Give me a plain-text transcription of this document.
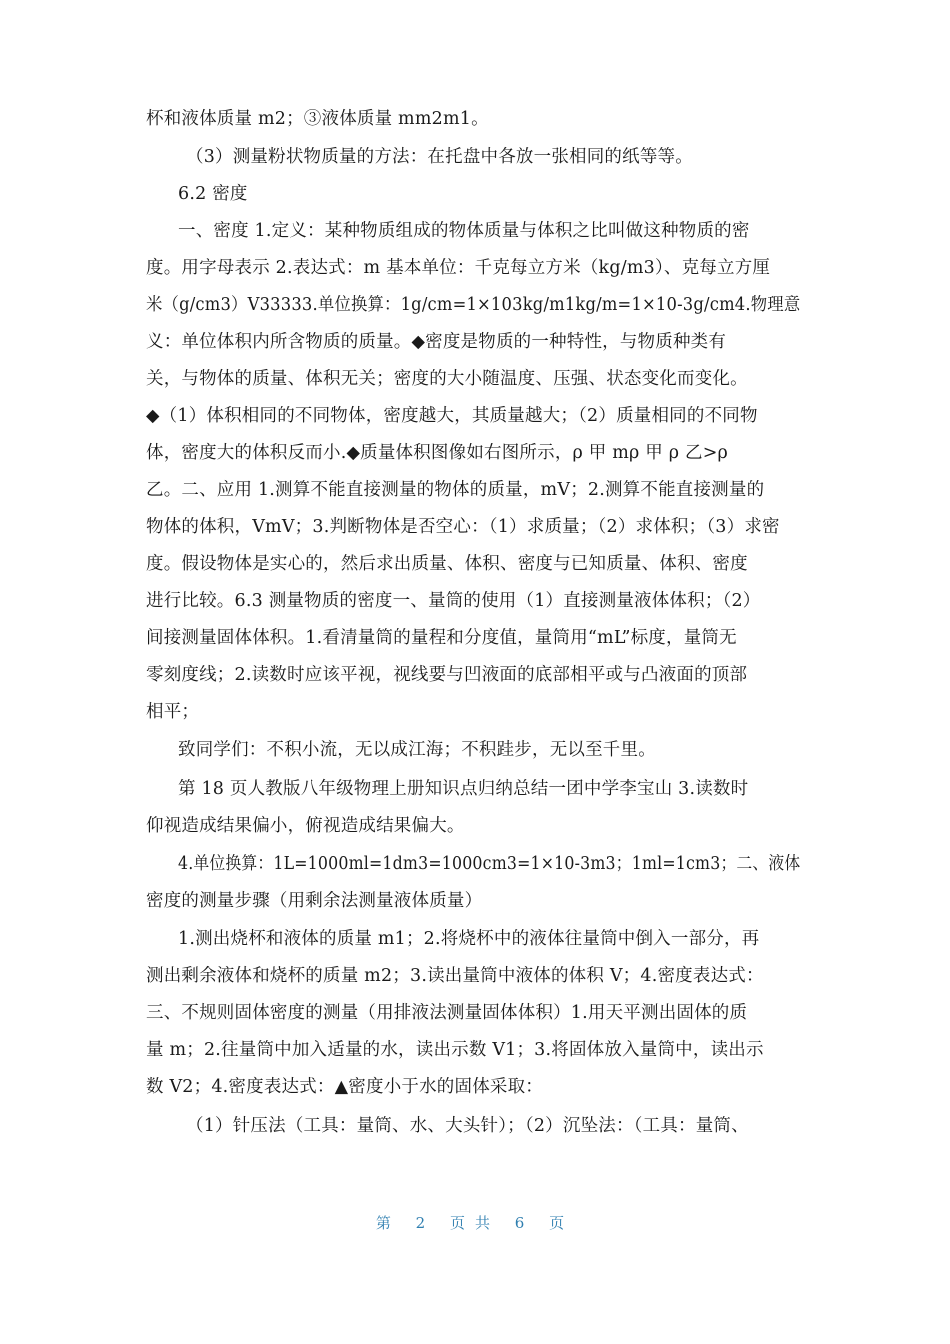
杯和液体质量 m2；③液体质量 mm2m1。
（3）测量粉状物质量的方法：在托盘中各放一张相同的纸等等。
6.2 密度
一、密度 1.定义：某种物质组成的物体质量与体积之比叫做这种物质的密
度。用字母表示 2.表达式：m 基本单位：千克每立方米（kg/m3）、克每立方厘
米（g/cm3）V33333.单位换算：1g/cm=1×103kg/m1kg/m=1×10-3g/cm4.物理意
义：单位体积内所含物质的质量。◆密度是物质的一种特性，与物质种类有
关，与物体的质量、体积无关；密度的大小随温度、压强、状态变化而变化。
◆（1）体积相同的不同物体，密度越大，其质量越大；（2）质量相同的不同物
体，密度大的体积反而小.◆质量体积图像如右图所示，ρ 甲 mρ 甲 ρ 乙>ρ
乙。二、应用 1.测算不能直接测量的物体的质量，mV；2.测算不能直接测量的
物体的体积，VmV；3.判断物体是否空心：（1）求质量；（2）求体积；（3）求密
度。假设物体是实心的，然后求出质量、体积、密度与已知质量、体积、密度
进行比较。6.3 测量物质的密度一、量筒的使用（1）直接测量液体体积；（2）
间接测量固体体积。1.看清量筒的量程和分度值，量筒用“mL”标度，量筒无
零刻度线；2.读数时应该平视，视线要与凹液面的底部相平或与凸液面的顶部
相平；
致同学们：不积小流，无以成江海；不积跬步，无以至千里。
第 18 页人教版八年级物理上册知识点归纳总结一团中学李宝山 3.读数时
仰视造成结果偏小，俯视造成结果偏大。
4.单位换算：1L=1000ml=1dm3=1000cm3=1×10-3m3；1ml=1cm3；二、液体
密度的测量步骤（用剩余法测量液体质量）
1.测出烧杯和液体的质量 m1；2.将烧杯中的液体往量筒中倒入一部分，再
测出剩余液体和烧杯的质量 m2；3.读出量筒中液体的体积 V；4.密度表达式：
三、不规则固体密度的测量（用排液法测量固体体积）1.用天平测出固体的质
量 m；2.往量筒中加入适量的水，读出示数 V1；3.将固体放入量筒中，读出示
数 V2；4.密度表达式：▲密度小于水的固体采取：
（1）针压法（工具：量筒、水、大头针）；（2）沉坠法：（工具：量筒、
第 2 页共 6 页
